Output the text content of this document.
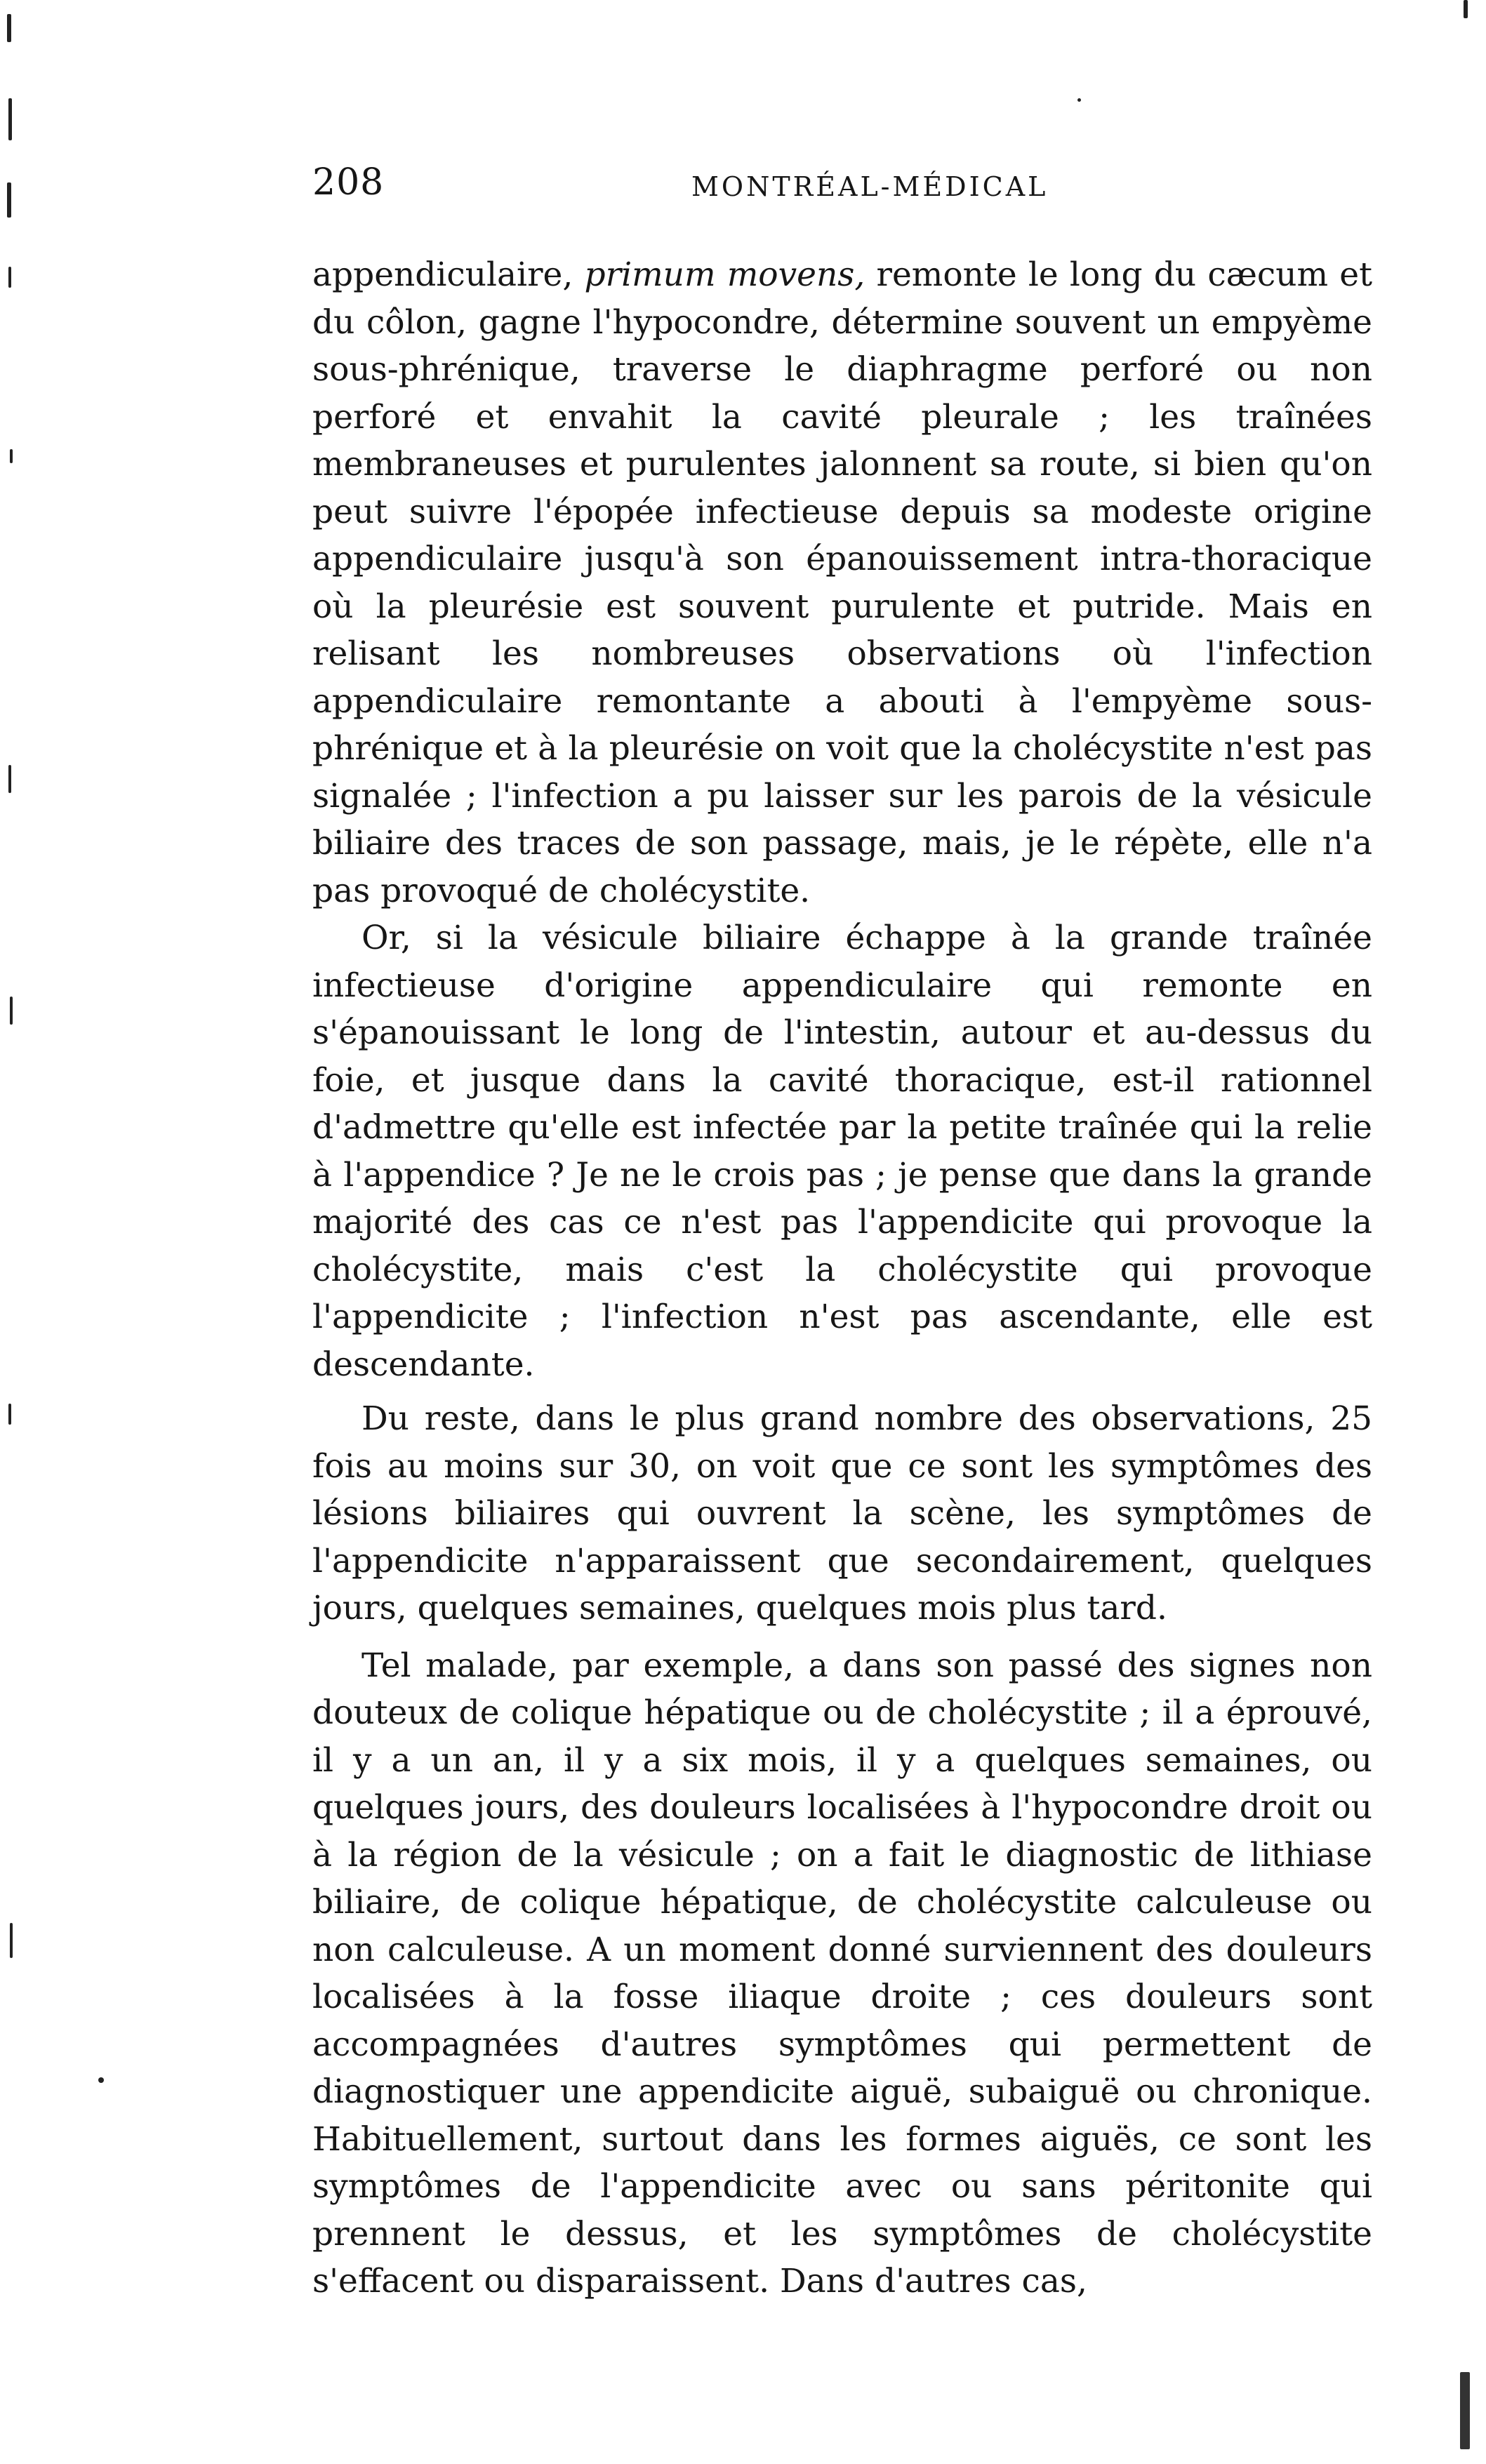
208	MONTRÉAL-MÉDICAL

appendiculaire, primum movens, remonte le long du cæcum et du côlon, gagne l'hypocondre, détermine souvent un empyème sous-phrénique, traverse le diaphragme perforé ou non perforé et envahit la cavité pleurale ; les traînées membraneuses et purulentes jalonnent sa route, si bien qu'on peut suivre l'épopée infectieuse depuis sa modeste origine appendiculaire jusqu'à son épanouissement intra-thoracique où la pleurésie est souvent purulente et putride. Mais en relisant les nombreuses observations où l'infection appendiculaire remontante a abouti à l'empyème sous-phrénique et à la pleurésie on voit que la cholécystite n'est pas signalée ; l'infection a pu laisser sur les parois de la vésicule biliaire des traces de son passage, mais, je le répète, elle n'a pas provoqué de cholécystite.

Or, si la vésicule biliaire échappe à la grande traînée infectieuse d'origine appendiculaire qui remonte en s'épanouissant le long de l'intestin, autour et au-dessus du foie, et jusque dans la cavité thoracique, est-il rationnel d'admettre qu'elle est infectée par la petite traînée qui la relie à l'appendice ? Je ne le crois pas ; je pense que dans la grande majorité des cas ce n'est pas l'appendicite qui provoque la cholécystite, mais c'est la cholécystite qui provoque l'appendicite ; l'infection n'est pas ascendante, elle est descendante.

Du reste, dans le plus grand nombre des observations, 25 fois au moins sur 30, on voit que ce sont les symptômes des lésions biliaires qui ouvrent la scène, les symptômes de l'appendicite n'apparaissent que secondairement, quelques jours, quelques semaines, quelques mois plus tard.

Tel malade, par exemple, a dans son passé des signes non douteux de colique hépatique ou de cholécystite ; il a éprouvé, il y a un an, il y a six mois, il y a quelques semaines, ou quelques jours, des douleurs localisées à l'hypocondre droit ou à la région de la vésicule ; on a fait le diagnostic de lithiase biliaire, de colique hépatique, de cholécystite calculeuse ou non calculeuse. A un moment donné surviennent des douleurs localisées à la fosse iliaque droite ; ces douleurs sont accompagnées d'autres symptômes qui permettent de diagnostiquer une appendicite aiguë, subaiguë ou chronique. Habituellement, surtout dans les formes aiguës, ce sont les symptômes de l'appendicite avec ou sans péritonite qui prennent le dessus, et les symptômes de cholécystite s'effacent ou disparaissent. Dans d'autres cas,
